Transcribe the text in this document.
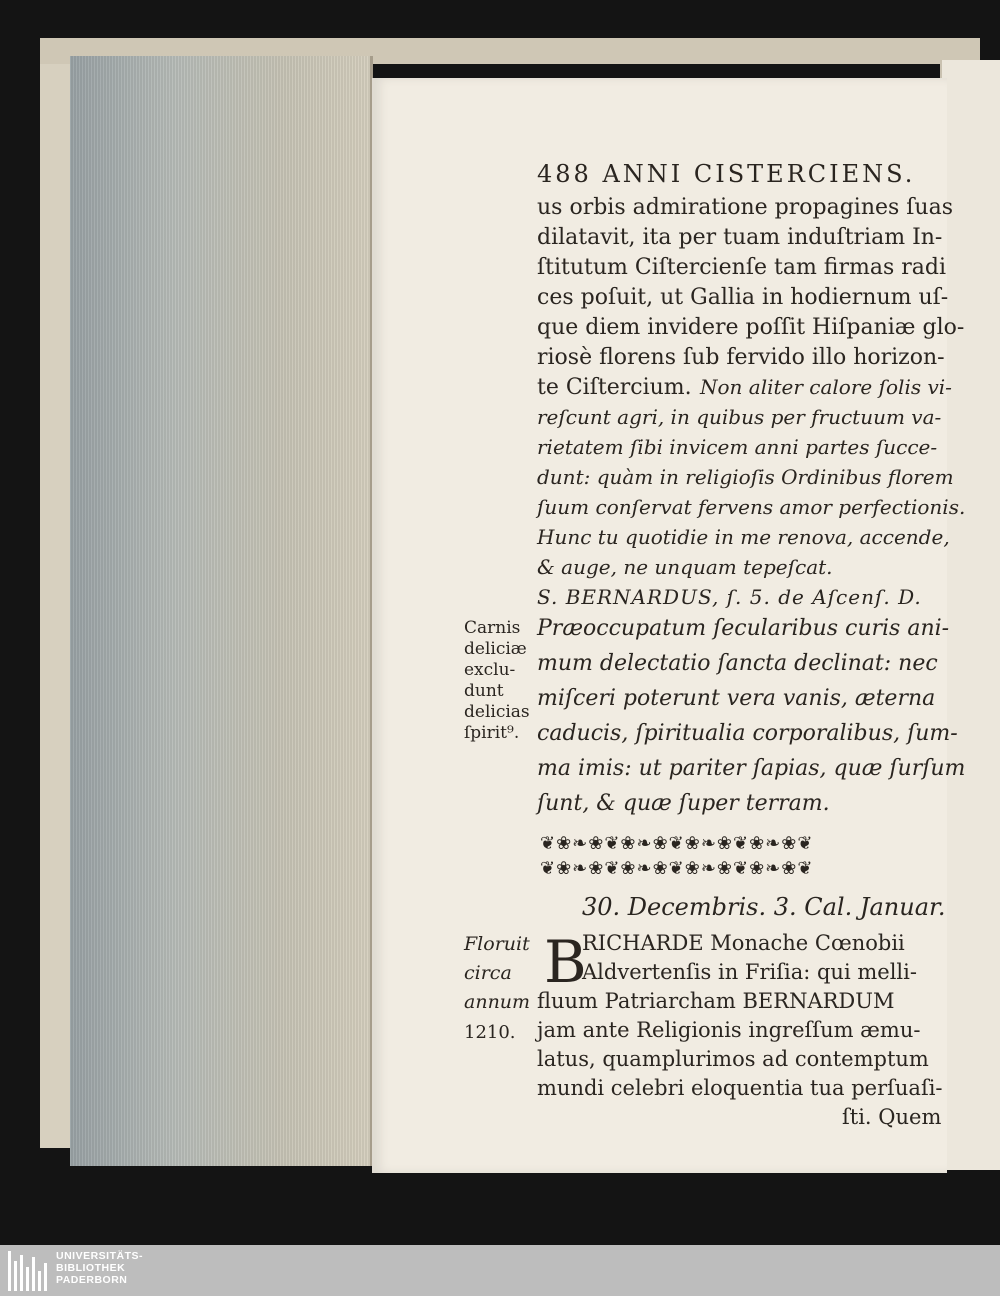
488 ANNI CISTERCIENS.
us orbis admiratione propagines ſuas
dilatavit, ita per tuam induſtriam In-
ſtitutum Ciſtercienſe tam firmas radi
ces poſuit, ut Gallia in hodiernum uſ-
que diem invidere poſſit Hiſpaniæ glo-
riosè florens ſub fervido illo horizon-
te Ciſtercium. Non aliter calore ſolis vi-
reſcunt agri, in quibus per fructuum va-
rietatem ſibi invicem anni partes ſucce-
dunt: quàm in religioſis Ordinibus florem
ſuum conſervat fervens amor perfectionis.
Hunc tu quotidie in me renova, accende,
& auge, ne unquam tepeſcat.
S. BERNARDUS, ſ. 5. de Aſcenſ. D.
Præoccupatum ſecularibus curis ani-
mum delectatio ſancta declinat: nec
miſceri poterunt vera vanis, æterna
caducis, ſpiritualia corporalibus, ſum-
ma imis: ut pariter ſapias, quæ ſurſum
ſunt, & quæ ſuper terram.
❦❀❧❀❦❀❧❀❦❀❧❀❦❀❧❀❦
❦❀❧❀❦❀❧❀❦❀❧❀❦❀❧❀❦
30. Decembris. 3. Cal. Januar.
B
RICHARDE Monache Cœnobii
Aldvertenſis in Friſia: qui melli-
fluum Patriarcham BERNARDUM
jam ante Religionis ingreſſum æmu-
latus, quamplurimos ad contemptum
mundi celebri eloquentia tua perſuaſi-
ſti. Quem
Carnis
deliciæ
exclu-
dunt
delicias
ſpirit⁹.
Floruit
circa
annum
1210.
UNIVERSITÄTS-
BIBLIOTHEK
PADERBORN
